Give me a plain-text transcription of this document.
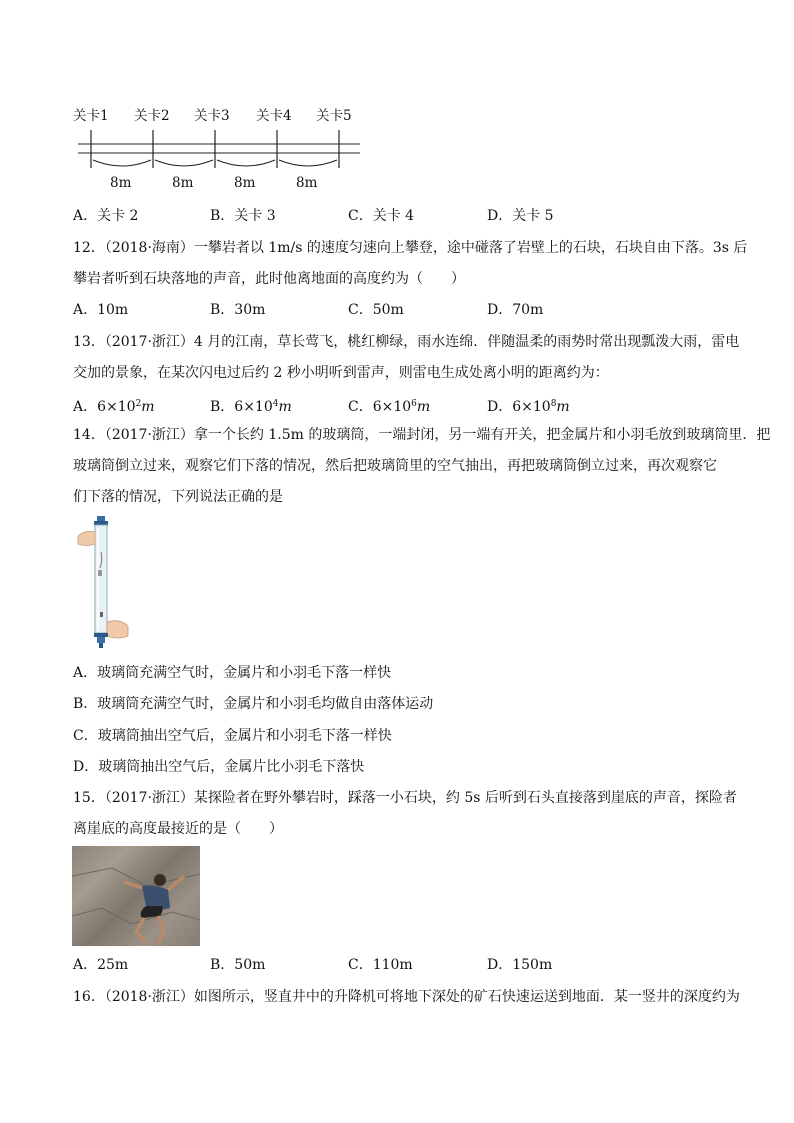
关卡1 关卡2 关卡3 关卡4 关卡5
8m	8m	8m	8m
A．关卡 2	B．关卡 3	C．关卡 4	D．关卡 5
12．（2018·海南）一攀岩者以 1m/s 的速度匀速向上攀登，途中碰落了岩壁上的石块，石块自由下落。3s 后
攀岩者听到石块落地的声音，此时他离地面的高度约为（　　）
A．10m	B．30m	C．50m	D．70m
13．（2017·浙江）4 月的江南，草长莺飞，桃红柳绿，雨水连绵．伴随温柔的雨势时常出现瓢泼大雨，雷电
交加的景象，在某次闪电过后约 2 秒小明听到雷声，则雷电生成处离小明的距离约为：
A．$6\times 10^2m$	B．$6\times 10^4m$	C．$6\times 10^6m$	D．$6\times 10^8m$
14．（2017·浙江）拿一个长约 1.5m 的玻璃筒，一端封闭，另一端有开关，把金属片和小羽毛放到玻璃筒里．把
玻璃筒倒立过来，观察它们下落的情况，然后把玻璃筒里的空气抽出，再把玻璃筒倒立过来，再次观察它
们下落的情况，下列说法正确的是
A．玻璃筒充满空气时，金属片和小羽毛下落一样快
B．玻璃筒充满空气时，金属片和小羽毛均做自由落体运动
C．玻璃筒抽出空气后，金属片和小羽毛下落一样快
D．玻璃筒抽出空气后，金属片比小羽毛下落快
15．（2017·浙江）某探险者在野外攀岩时，踩落一小石块，约 5s 后听到石头直接落到崖底的声音，探险者
离崖底的高度最接近的是（　　）
A．25m	B．50m	C．110m	D．150m
16．（2018·浙江）如图所示，竖直井中的升降机可将地下深处的矿石快速运送到地面．某一竖井的深度约为
